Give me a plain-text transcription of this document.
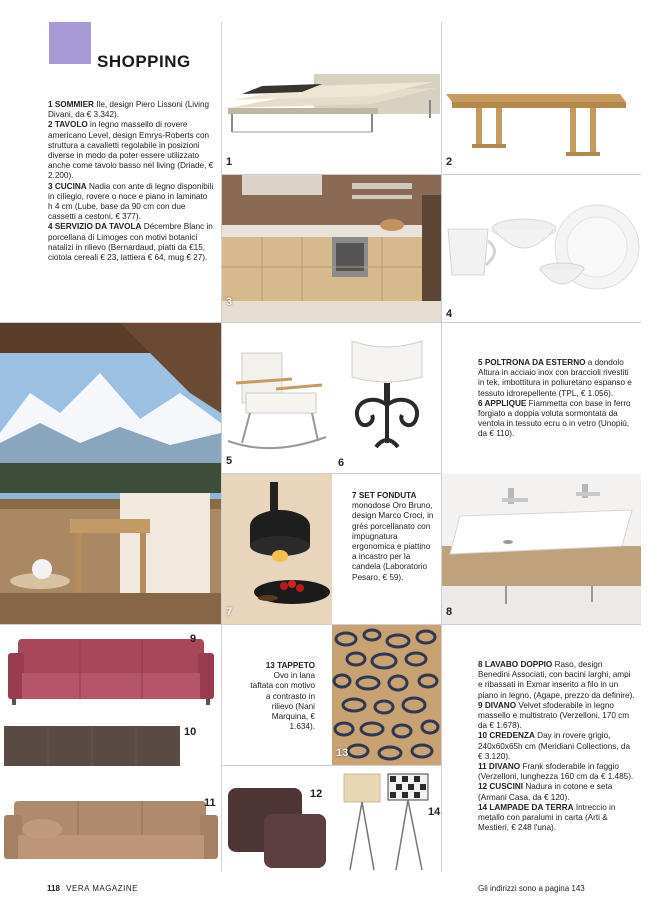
SHOPPING

1 SOMMIER Ile, design Piero Lissoni (Living Divani, da € 3.342).

2 TAVOLO in legno massello di rovere americano Level, design Emrys-Roberts con struttura a cavalletti regolabile in posizioni diverse in modo da poter essere utilizzato anche come tavolo basso nel living (Driade, € 2.200).

3 CUCINA Nadia con ante di legno disponibili in ciliegio, rovere o noce e piano in laminato h 4 cm (Lube, base da 90 cm con due cassetti a cestoni, € 377).

4 SERVIZIO DA TAVOLA Décembre Blanc in porcellana di Limoges con motivi botanici natalizi in rilievo (Bernardaud, piatti da €15, ciotola cereali € 23, lattiera € 64, mug € 27).

1	2
3
4
5	6

5 POLTRONA DA ESTERNO a dondolo Altura in acciaio inox con braccioli rivestiti in tek, imbottitura in poliuretano espanso e tessuto idrorepellente (TPL, € 1.056).

6 APPLIQUE Fiammetta con base in ferro forgiato a doppia voluta sormontata da ventola in tessuto ecru o in vetro (Unopiù, da € 110).

7

7 SET FONDUTA

monodose Oro Bruno, design Marco Croci, in grès porcellanato con impugnatura ergonomica e piattino a incastro per la candela (Laboratorio Pesaro, € 59).

8
9
10
11

13 TAPPETO Ovo in lana taftata con motivo a contrasto in rilievo (Nani Marquina, € 1.634).

13
12
14

8 LAVABO DOPPIO Raso, design Benedini Associati, con bacini larghi, ampi e ribassati in Exmar inserito a filo in un piano in legno, (Agape, prezzo da definire).

9 DIVANO Velvet sfoderabile in legno massello e multistrato (Verzelloni, 170 cm da € 1.678).

10 CREDENZA Day in rovere grigio, 240x60x65h cm (Meridiani Collections, da € 3.120).

11 DIVANO Frank sfoderabile in faggio (Verzelloni, lunghezza 160 cm da € 1.485).

12 CUSCINI Nadura in cotone e seta (Armani Casa, da € 120).

14 LAMPADE DA TERRA Intreccio in metallo con paralumi in carta (Arti & Mestieri, € 248 l'una).

118 VERA MAGAZINE	Gli indirizzi sono a pagina 143
